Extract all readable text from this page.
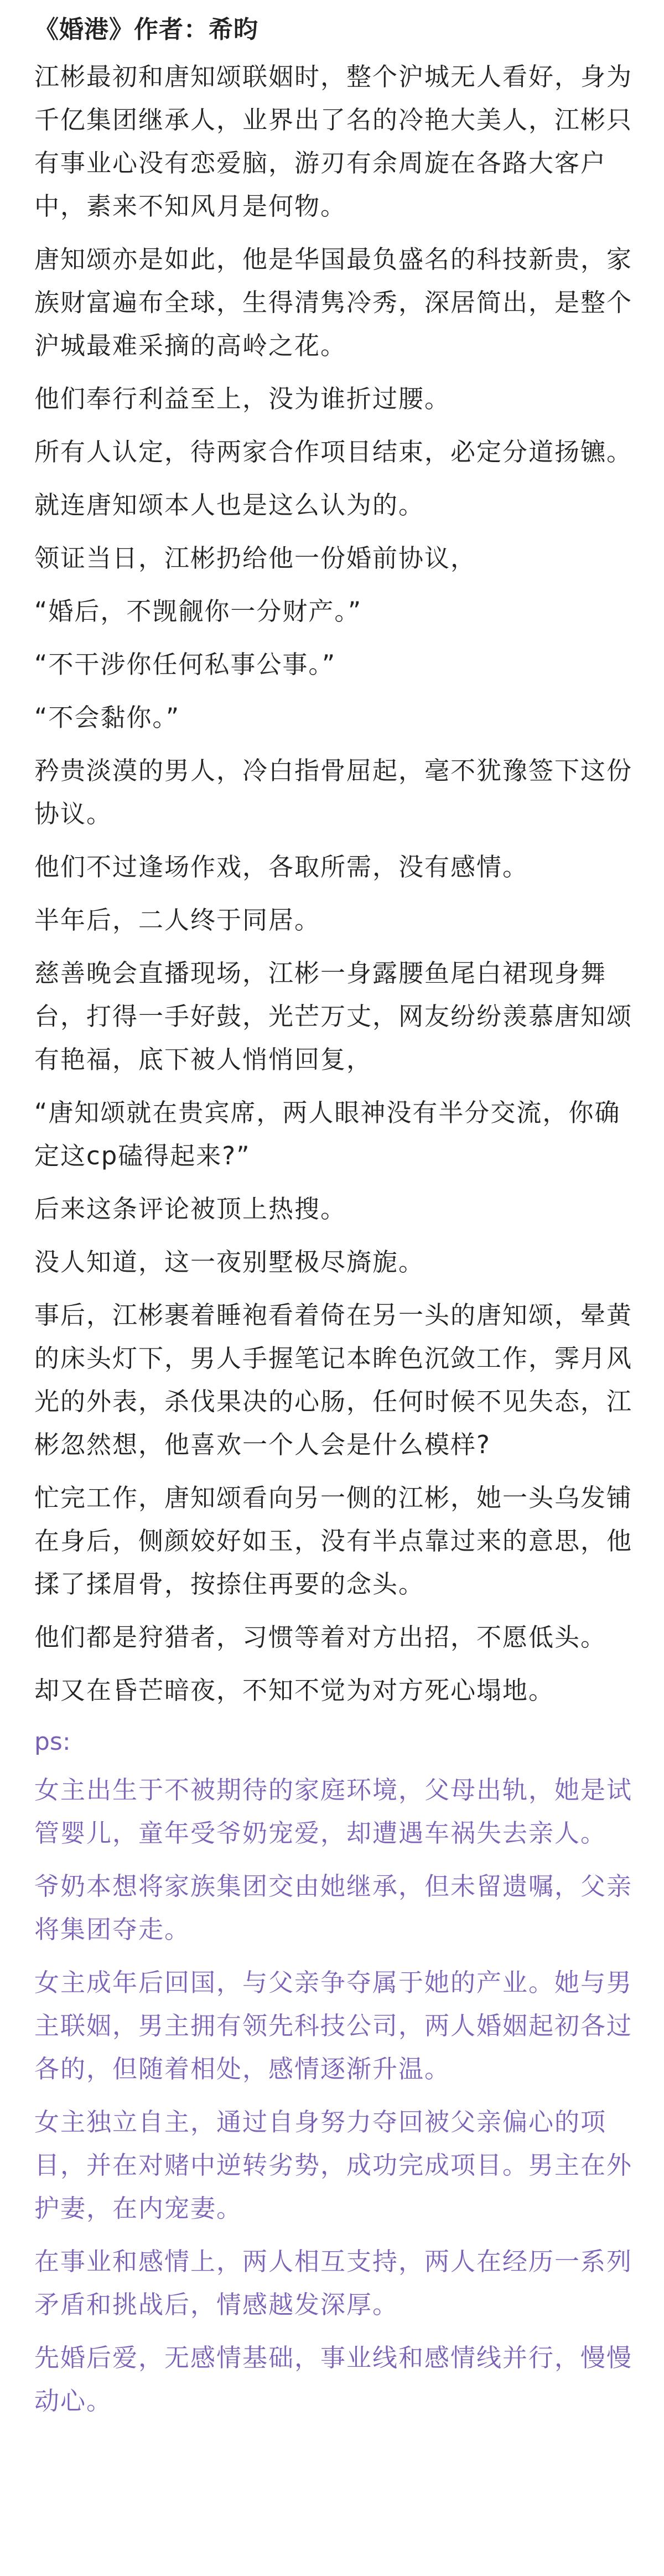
《婚港》作者：希昀

江彬最初和唐知颂联姻时，整个沪城无人看好，身为千亿集团继承人，业界出了名的冷艳大美人，江彬只有事业心没有恋爱脑，游刃有余周旋在各路大客户中，素来不知风月是何物。

唐知颂亦是如此，他是华国最负盛名的科技新贵，家族财富遍布全球，生得清隽冷秀，深居简出，是整个沪城最难采摘的高岭之花。

他们奉行利益至上，没为谁折过腰。

所有人认定，待两家合作项目结束，必定分道扬镳。

就连唐知颂本人也是这么认为的。

领证当日，江彬扔给他一份婚前协议，

“婚后，不觊觎你一分财产。”

“不干涉你任何私事公事。”

“不会黏你。”

矜贵淡漠的男人，冷白指骨屈起，毫不犹豫签下这份协议。

他们不过逢场作戏，各取所需，没有感情。

半年后，二人终于同居。

慈善晚会直播现场，江彬一身露腰鱼尾白裙现身舞台，打得一手好鼓，光芒万丈，网友纷纷羡慕唐知颂有艳福，底下被人悄悄回复，

“唐知颂就在贵宾席，两人眼神没有半分交流，你确定这cp磕得起来?”

后来这条评论被顶上热搜。

没人知道，这一夜别墅极尽旖旎。

事后，江彬裹着睡袍看着倚在另一头的唐知颂，晕黄的床头灯下，男人手握笔记本眸色沉敛工作，霁月风光的外表，杀伐果决的心肠，任何时候不见失态，江彬忽然想，他喜欢一个人会是什么模样?

忙完工作，唐知颂看向另一侧的江彬，她一头乌发铺在身后，侧颜姣好如玉，没有半点靠过来的意思，他揉了揉眉骨，按捺住再要的念头。

他们都是狩猎者，习惯等着对方出招，不愿低头。

却又在昏芒暗夜，不知不觉为对方死心塌地。

ps:

女主出生于不被期待的家庭环境，父母出轨，她是试管婴儿，童年受爷奶宠爱，却遭遇车祸失去亲人。

爷奶本想将家族集团交由她继承，但未留遗嘱，父亲将集团夺走。

女主成年后回国，与父亲争夺属于她的产业。她与男主联姻，男主拥有领先科技公司，两人婚姻起初各过各的，但随着相处，感情逐渐升温。

女主独立自主，通过自身努力夺回被父亲偏心的项目，并在对赌中逆转劣势，成功完成项目。男主在外护妻，在内宠妻。

在事业和感情上，两人相互支持，两人在经历一系列矛盾和挑战后，情感越发深厚。

先婚后爱，无感情基础，事业线和感情线并行，慢慢动心。
